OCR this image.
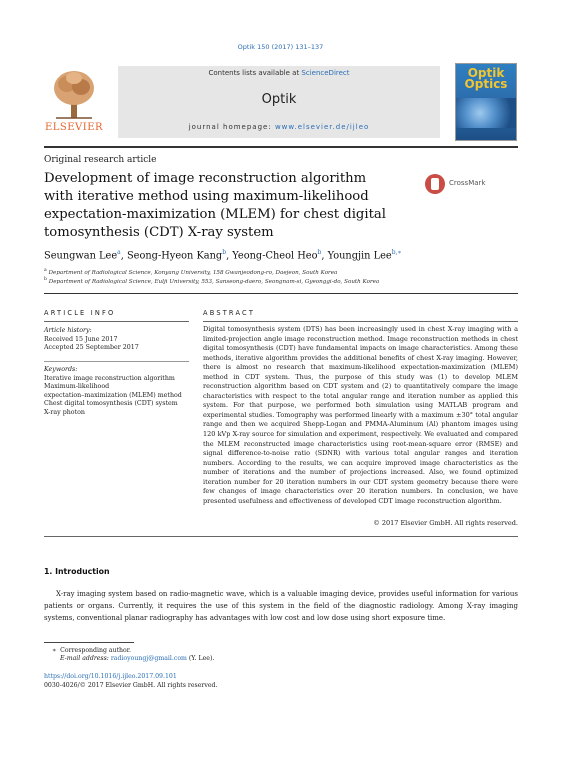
Optik 150 (2017) 131–137
ELSEVIER
Contents lists available at ScienceDirect
Optik
journal homepage: www.elsevier.de/ijleo
Optik
Optics
Original research article
Development of image reconstruction algorithm with iterative method using maximum-likelihood expectation-maximization (MLEM) for chest digital tomosynthesis (CDT) X-ray system
CrossMark
Seungwan Lee$^a$, Seong-Hyeon Kang$^b$, Yeong-Cheol Heo$^b$, Youngjin Lee$^{b,∗}$
$^a$ Department of Radiological Science, Konyang University, 158 Gwanjeodong-ro, Daejeon, South Korea
$^b$ Department of Radiological Science, Eulji University, 553, Sanseong-daero, Seongnam-si, Gyeonggi-do, South Korea
ARTICLE INFO	ABSTRACT
Article history:
Received 15 June 2017
Accepted 25 September 2017
Keywords:
Iterative image reconstruction algorithm
Maximum-likelihood
expectation–maximization (MLEM) method
Chest digital tomosynthesis (CDT) system
X-ray photon
Digital tomosynthesis system (DTS) has been increasingly used in chest X-ray imaging with a limited-projection angle image reconstruction method. Image reconstruction methods in chest digital tomosynthesis (CDT) have fundamental impacts on image characteristics. Among these methods, iterative algorithm provides the additional benefits of chest X-ray imaging. However, there is almost no research that maximum-likelihood expectation-maximization (MLEM) method in CDT system. Thus, the purpose of this study was (1) to develop MLEM reconstruction algorithm based on CDT system and (2) to quantitatively compare the image characteristics with respect to the total angular range and iteration number as applied this system. For that purpose, we performed both simulation using MATLAB program and experimental studies. Tomography was performed linearly with a maximum ±30° total angular range and then we acquired Shepp-Logan and PMMA-Aluminum (Al) phantom images using 120 kVp X-ray source for simulation and experiment, respectively. We evaluated and compared the MLEM reconstructed image characteristics using root-mean-square error (RMSE) and signal difference-to-noise ratio (SDNR) with various total angular ranges and iteration numbers. According to the results, we can acquire improved image characteristics as the number of iterations and the number of projections increased. Also, we found optimized iteration number for 20 iteration numbers in our CDT system geometry because there were few changes of image characteristics over 20 iteration numbers. In conclusion, we have presented usefulness and effectiveness of developed CDT image reconstruction algorithm.
© 2017 Elsevier GmbH. All rights reserved.
1. Introduction
X-ray imaging system based on radio-magnetic wave, which is a valuable imaging device, provides useful information for various patients or organs. Currently, it requires the use of this system in the field of the diagnostic radiology. Among X-ray imaging systems, conventional planar radiography has advantages with low cost and low dose using short exposure time.
∗ Corresponding author.
E-mail address: radioyoungj@gmail.com (Y. Lee).
https://doi.org/10.1016/j.ijleo.2017.09.101
0030-4026/© 2017 Elsevier GmbH. All rights reserved.
